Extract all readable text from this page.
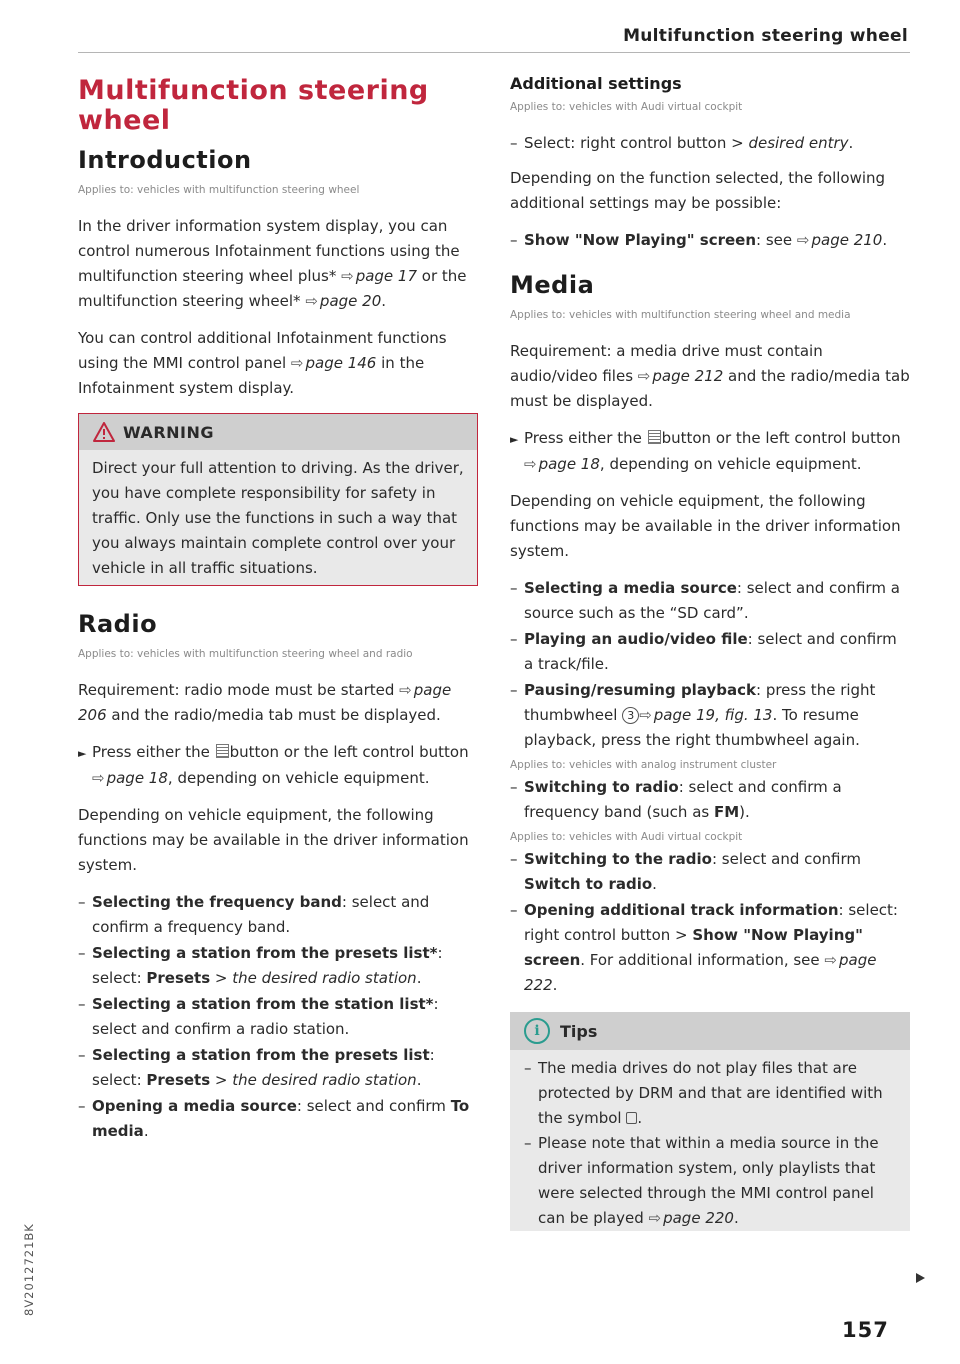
Multifunction steering wheel
Multifunction steering wheel
Introduction
Applies to: vehicles with multifunction steering wheel

In the driver information system display, you can control numerous Infotainment functions using the multifunction steering wheel plus* ⇨ page 17 or the multifunction steering wheel* ⇨ page 20.

You can control additional Infotainment functions using the MMI control panel ⇨ page 146 in the Infotainment system display.

WARNING
Direct your full attention to driving. As the driver, you have complete responsibility for safety in traffic. Only use the functions in such a way that you always maintain complete control over your vehicle in all traffic situations.
Radio
Applies to: vehicles with multifunction steering wheel and radio

Requirement: radio mode must be started ⇨ page 206 and the radio/media tab must be displayed.

► Press either the button or the left control button ⇨ page 18, depending on vehicle equipment.

Depending on vehicle equipment, the following functions may be available in the driver information system.

– Selecting the frequency band: select and confirm a frequency band.
– Selecting a station from the presets list*: select: Presets > the desired radio station.
– Selecting a station from the station list*: select and confirm a radio station.
– Selecting a station from the presets list: select: Presets > the desired radio station.
– Opening a media source: select and confirm To media.
Additional settings
Applies to: vehicles with Audi virtual cockpit
– Select: right control button > desired entry.

Depending on the function selected, the following additional settings may be possible:

– Show "Now Playing" screen: see ⇨ page 210.
Media
Applies to: vehicles with multifunction steering wheel and media

Requirement: a media drive must contain audio/video files ⇨ page 212 and the radio/media tab must be displayed.

► Press either the button or the left control button ⇨ page 18, depending on vehicle equipment.

Depending on vehicle equipment, the following functions may be available in the driver information system.

– Selecting a media source: select and confirm a source such as the “SD card”.
– Playing an audio/video file: select and confirm a track/file.
– Pausing/resuming playback: press the right thumbwheel 3 ⇨ page 19, fig. 13. To resume playback, press the right thumbwheel again.
Applies to: vehicles with analog instrument cluster
– Switching to radio: select and confirm a frequency band (such as FM).
Applies to: vehicles with Audi virtual cockpit
– Switching to the radio: select and confirm Switch to radio.
– Opening additional track information: select: right control button > Show "Now Playing" screen. For additional information, see ⇨ page 222.
i	Tips
– The media drives do not play files that are protected by DRM and that are identified with the symbol .
– Please note that within a media source in the driver information system, only playlists that were selected through the MMI control panel can be played ⇨ page 220.
157
8V2012721BK
